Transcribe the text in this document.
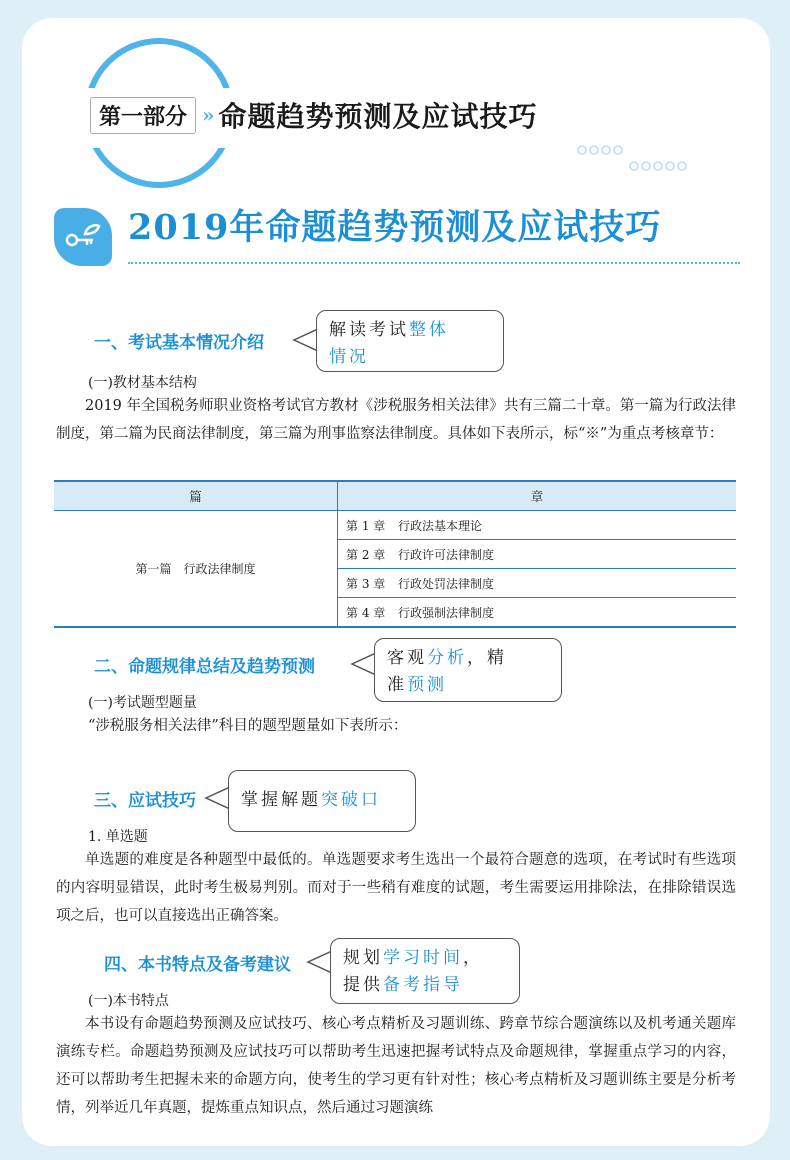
第一部分 » 命题趋势预测及应试技巧
2019年命题趋势预测及应试技巧
一、考试基本情况介绍
解读考试整体
情况
(一)教材基本结构

2019 年全国税务师职业资格考试官方教材《涉税服务相关法律》共有三篇二十章。第一篇为行政法律制度，第二篇为民商法律制度，第三篇为刑事监察法律制度。具体如下表所示，标“※”为重点考核章节：

篇	章
第一篇　行政法律制度	第 1 章 行政法基本理论
	第 2 章 行政许可法律制度
	第 3 章 行政处罚法律制度
	第 4 章 行政强制法律制度
二、命题规律总结及趋势预测	客观分析，精
准预测
(一)考试题型题量

“涉税服务相关法律”科目的题型题量如下表所示：

三、应试技巧	掌握解题突破口
1. 单选题

单选题的难度是各种题型中最低的。单选题要求考生选出一个最符合题意的选项，在考试时有些选项的内容明显错误，此时考生极易判别。而对于一些稍有难度的试题，考生需要运用排除法，在排除错误选项之后，也可以直接选出正确答案。

四、本书特点及备考建议	规划学习时间，
提供备考指导
(一)本书特点

本书设有命题趋势预测及应试技巧、核心考点精析及习题训练、跨章节综合题演练以及机考通关题库演练专栏。命题趋势预测及应试技巧可以帮助考生迅速把握考试特点及命题规律，掌握重点学习的内容，还可以帮助考生把握未来的命题方向，使考生的学习更有针对性；核心考点精析及习题训练主要是分析考情，列举近几年真题，提炼重点知识点，然后通过习题演练
